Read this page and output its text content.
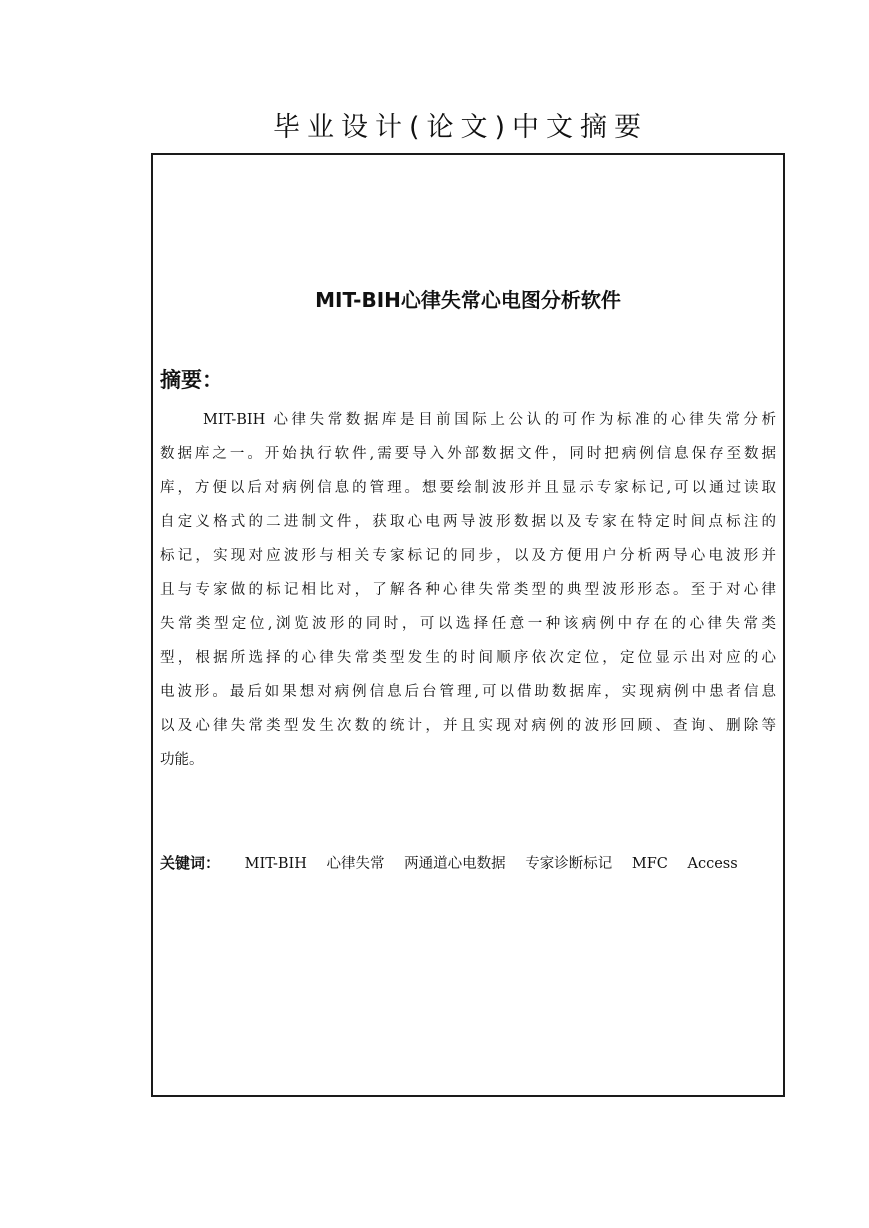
毕业设计(论文)中文摘要
MIT-BIH心律失常心电图分析软件
摘要：
MIT-BIH 心律失常数据库是目前国际上公认的可作为标准的心律失常分析
数据库之一。开始执行软件,需要导入外部数据文件，同时把病例信息保存至数据
库，方便以后对病例信息的管理。想要绘制波形并且显示专家标记,可以通过读取
自定义格式的二进制文件，获取心电两导波形数据以及专家在特定时间点标注的
标记，实现对应波形与相关专家标记的同步，以及方便用户分析两导心电波形并
且与专家做的标记相比对，了解各种心律失常类型的典型波形形态。至于对心律
失常类型定位,浏览波形的同时，可以选择任意一种该病例中存在的心律失常类
型，根据所选择的心律失常类型发生的时间顺序依次定位，定位显示出对应的心
电波形。最后如果想对病例信息后台管理,可以借助数据库，实现病例中患者信息
以及心律失常类型发生次数的统计，并且实现对病例的波形回顾、查询、删除等
功能。
关键词： MIT-BIH 心律失常 两通道心电数据 专家诊断标记 MFC Access
